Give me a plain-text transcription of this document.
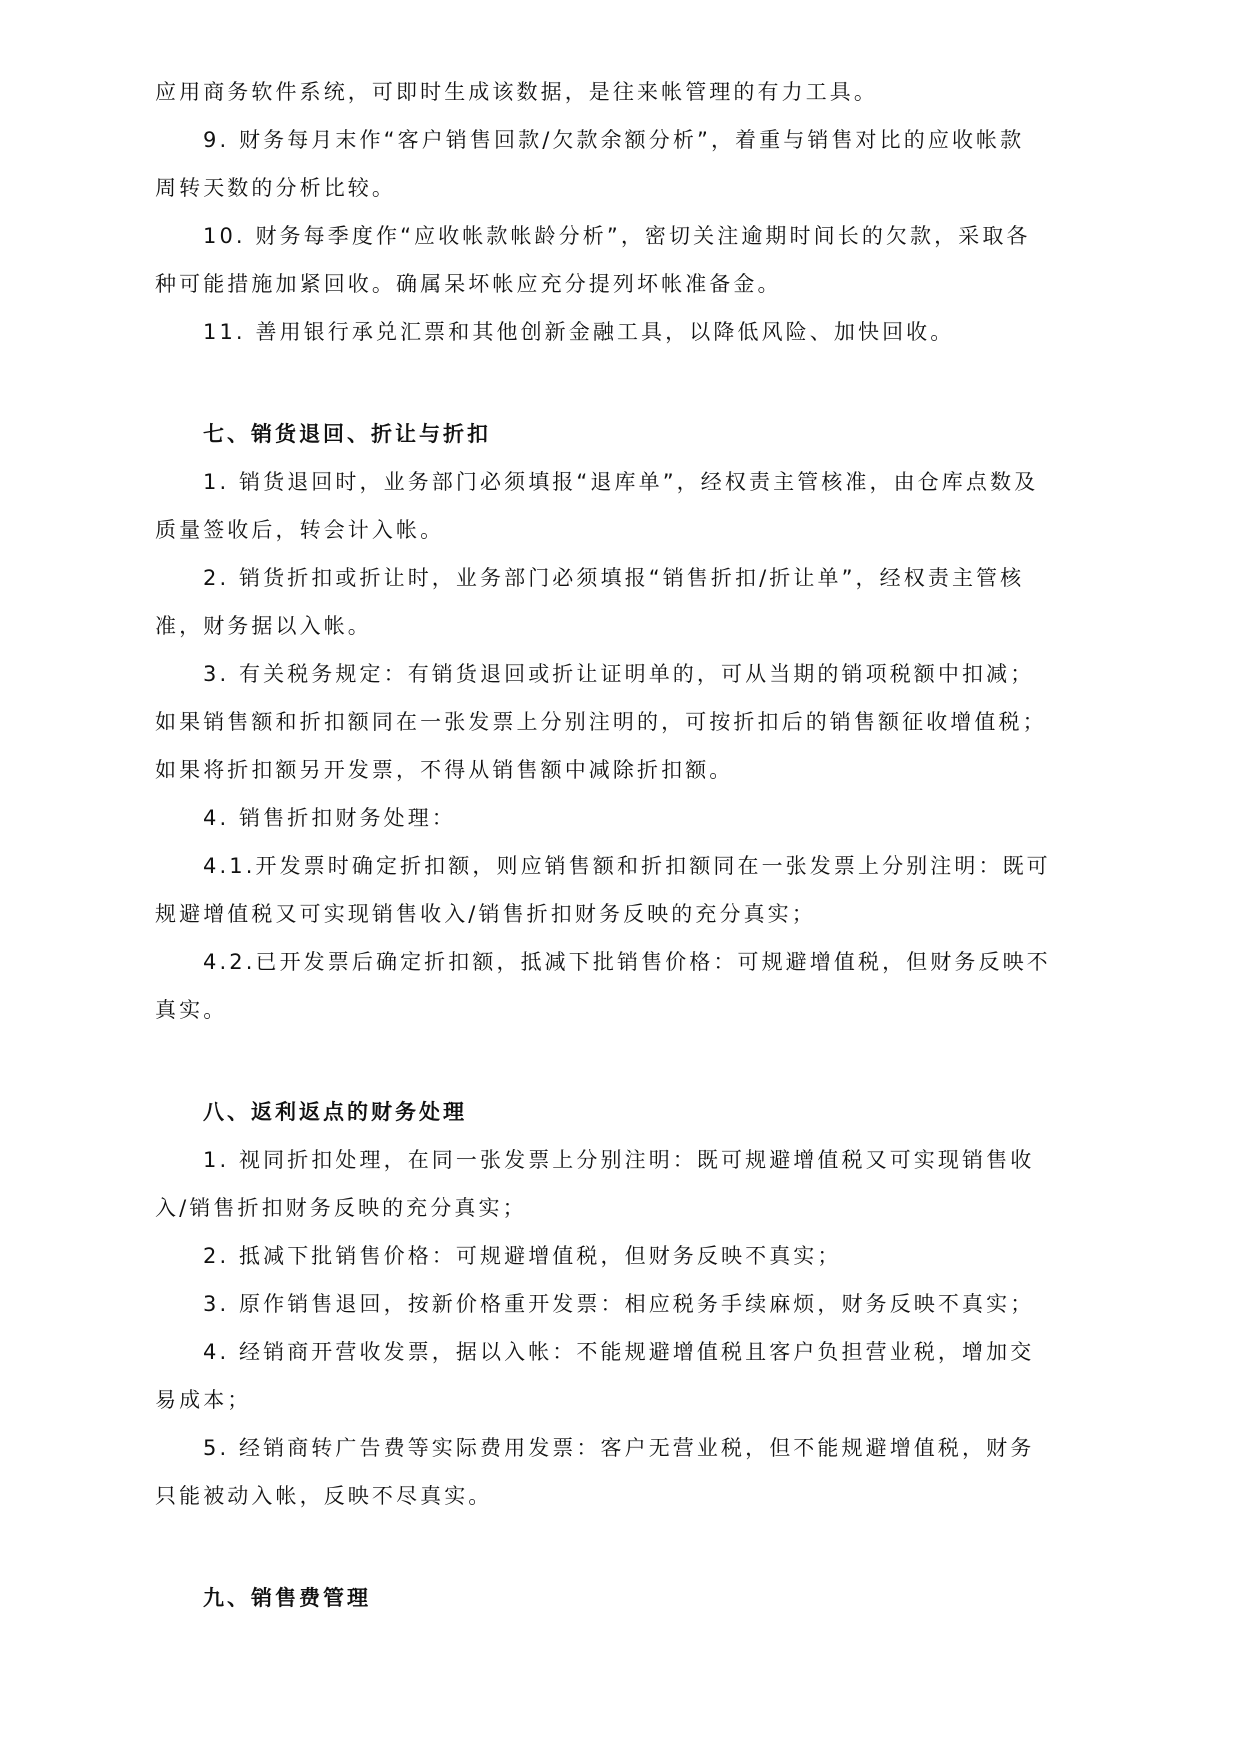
应用商务软件系统，可即时生成该数据，是往来帐管理的有力工具。

9. 财务每月末作“客户销售回款/欠款余额分析”，着重与销售对比的应收帐款

周转天数的分析比较。

10. 财务每季度作“应收帐款帐龄分析”，密切关注逾期时间长的欠款，采取各

种可能措施加紧回收。确属呆坏帐应充分提列坏帐准备金。

11. 善用银行承兑汇票和其他创新金融工具，以降低风险、加快回收。

七、销货退回、折让与折扣

1. 销货退回时，业务部门必须填报“退库单”，经权责主管核准，由仓库点数及

质量签收后，转会计入帐。

2. 销货折扣或折让时，业务部门必须填报“销售折扣/折让单”，经权责主管核

准，财务据以入帐。

3. 有关税务规定：有销货退回或折让证明单的，可从当期的销项税额中扣减；

如果销售额和折扣额同在一张发票上分别注明的，可按折扣后的销售额征收增值税；

如果将折扣额另开发票，不得从销售额中减除折扣额。

4. 销售折扣财务处理：

4.1.开发票时确定折扣额，则应销售额和折扣额同在一张发票上分别注明：既可

规避增值税又可实现销售收入/销售折扣财务反映的充分真实；

4.2.已开发票后确定折扣额，抵减下批销售价格：可规避增值税，但财务反映不

真实。

八、返利返点的财务处理

1. 视同折扣处理，在同一张发票上分别注明：既可规避增值税又可实现销售收

入/销售折扣财务反映的充分真实；

2. 抵减下批销售价格：可规避增值税，但财务反映不真实；

3. 原作销售退回，按新价格重开发票：相应税务手续麻烦，财务反映不真实；

4. 经销商开营收发票，据以入帐：不能规避增值税且客户负担营业税，增加交

易成本；

5. 经销商转广告费等实际费用发票：客户无营业税，但不能规避增值税，财务

只能被动入帐，反映不尽真实。

九、销售费管理
